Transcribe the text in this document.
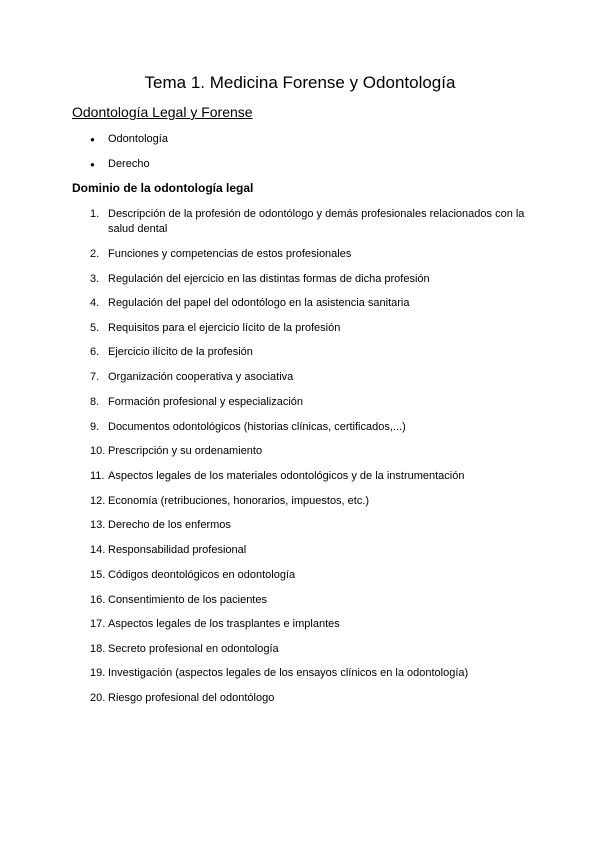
Tema 1. Medicina Forense y Odontología
Odontología Legal y Forense
● Odontología
● Derecho
Dominio de la odontología legal
1. Descripción de la profesión de odontólogo y demás profesionales relacionados con la salud dental
2. Funciones y competencias de estos profesionales
3. Regulación del ejercicio en las distintas formas de dicha profesión
4. Regulación del papel del odontólogo en la asistencia sanitaria
5. Requisitos para el ejercicio lícito de la profesión
6. Ejercicio ilícito de la profesión
7. Organización cooperativa y asociativa
8. Formación profesional y especialización
9. Documentos odontológicos (historias clínicas, certificados,...)
10. Prescripción y su ordenamiento
11. Aspectos legales de los materiales odontológicos y de la instrumentación
12. Economía (retribuciones, honorarios, impuestos, etc.)
13. Derecho de los enfermos
14. Responsabilidad profesional
15. Códigos deontológicos en odontología
16. Consentimiento de los pacientes
17. Aspectos legales de los trasplantes e implantes
18. Secreto profesional en odontología
19. Investigación (aspectos legales de los ensayos clínicos en la odontología)
20. Riesgo profesional del odontólogo
